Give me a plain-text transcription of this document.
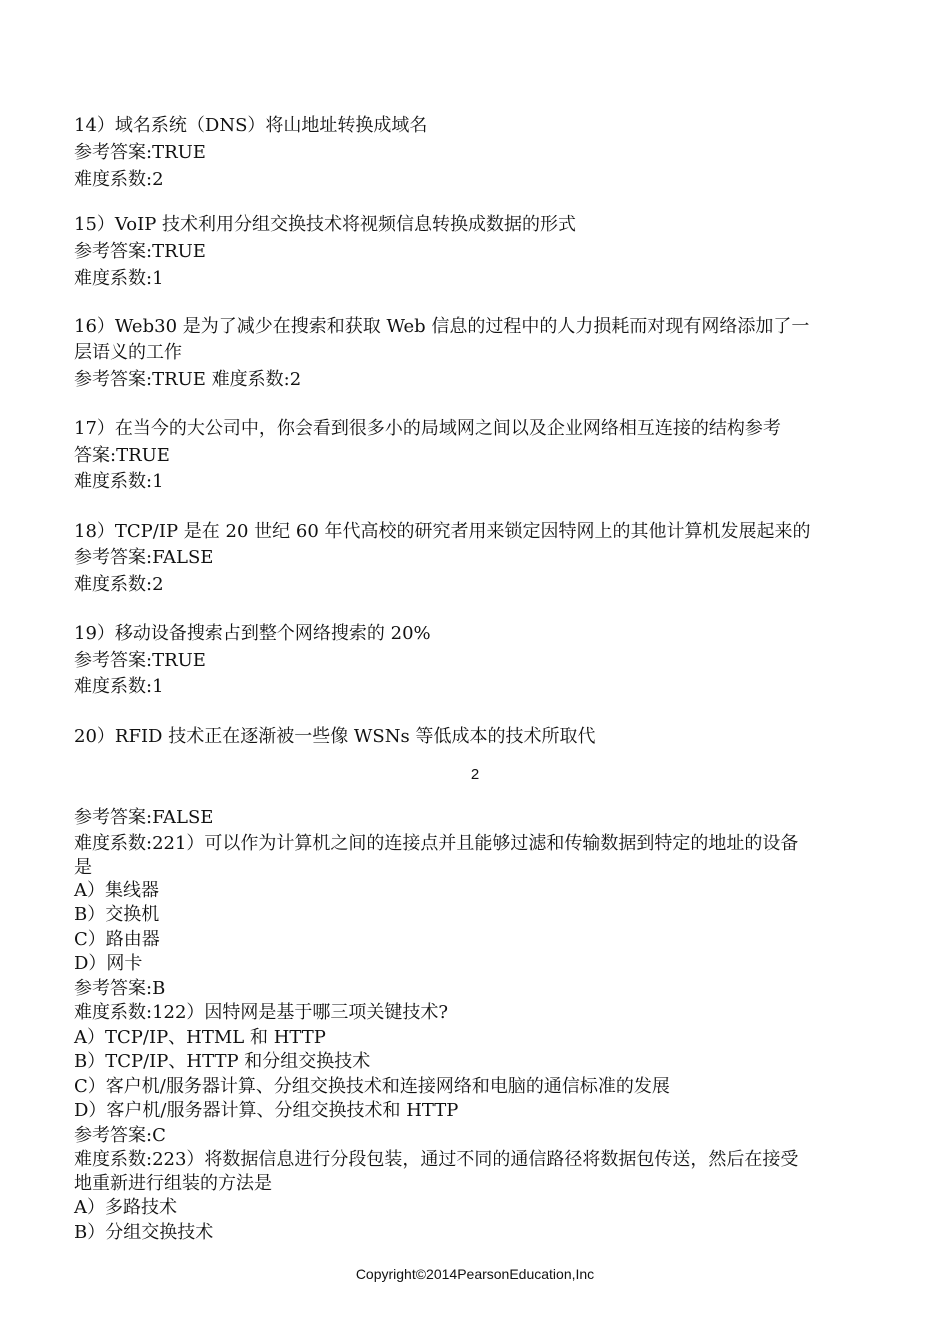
14）域名系统（DNS）将山地址转换成域名
参考答案:TRUE
难度系数:2
15）VoIP 技术利用分组交换技术将视频信息转换成数据的形式
参考答案:TRUE
难度系数:1
16）Web30 是为了减少在搜索和获取 Web 信息的过程中的人力损耗而对现有网络添加了一
层语义的工作
参考答案:TRUE 难度系数:2
17）在当今的大公司中，你会看到很多小的局域网之间以及企业网络相互连接的结构参考
答案:TRUE
难度系数:1
18）TCP/IP 是在 20 世纪 60 年代高校的研究者用来锁定因特网上的其他计算机发展起来的
参考答案:FALSE
难度系数:2
19）移动设备搜索占到整个网络搜索的 20%
参考答案:TRUE
难度系数:1
20）RFID 技术正在逐渐被一些像 WSNs 等低成本的技术所取代
2
参考答案:FALSE
难度系数:221）可以作为计算机之间的连接点并且能够过滤和传输数据到特定的地址的设备
是
A）集线器
B）交换机
C）路由器
D）网卡
参考答案:B
难度系数:122）因特网是基于哪三项关键技术?
A）TCP/IP、HTML 和 HTTP
B）TCP/IP、HTTP 和分组交换技术
C）客户机/服务器计算、分组交换技术和连接网络和电脑的通信标准的发展
D）客户机/服务器计算、分组交换技术和 HTTP
参考答案:C
难度系数:223）将数据信息进行分段包装，通过不同的通信路径将数据包传送，然后在接受
地重新进行组装的方法是
A）多路技术
B）分组交换技术
Copyright©2014PearsonEducation,Inc
